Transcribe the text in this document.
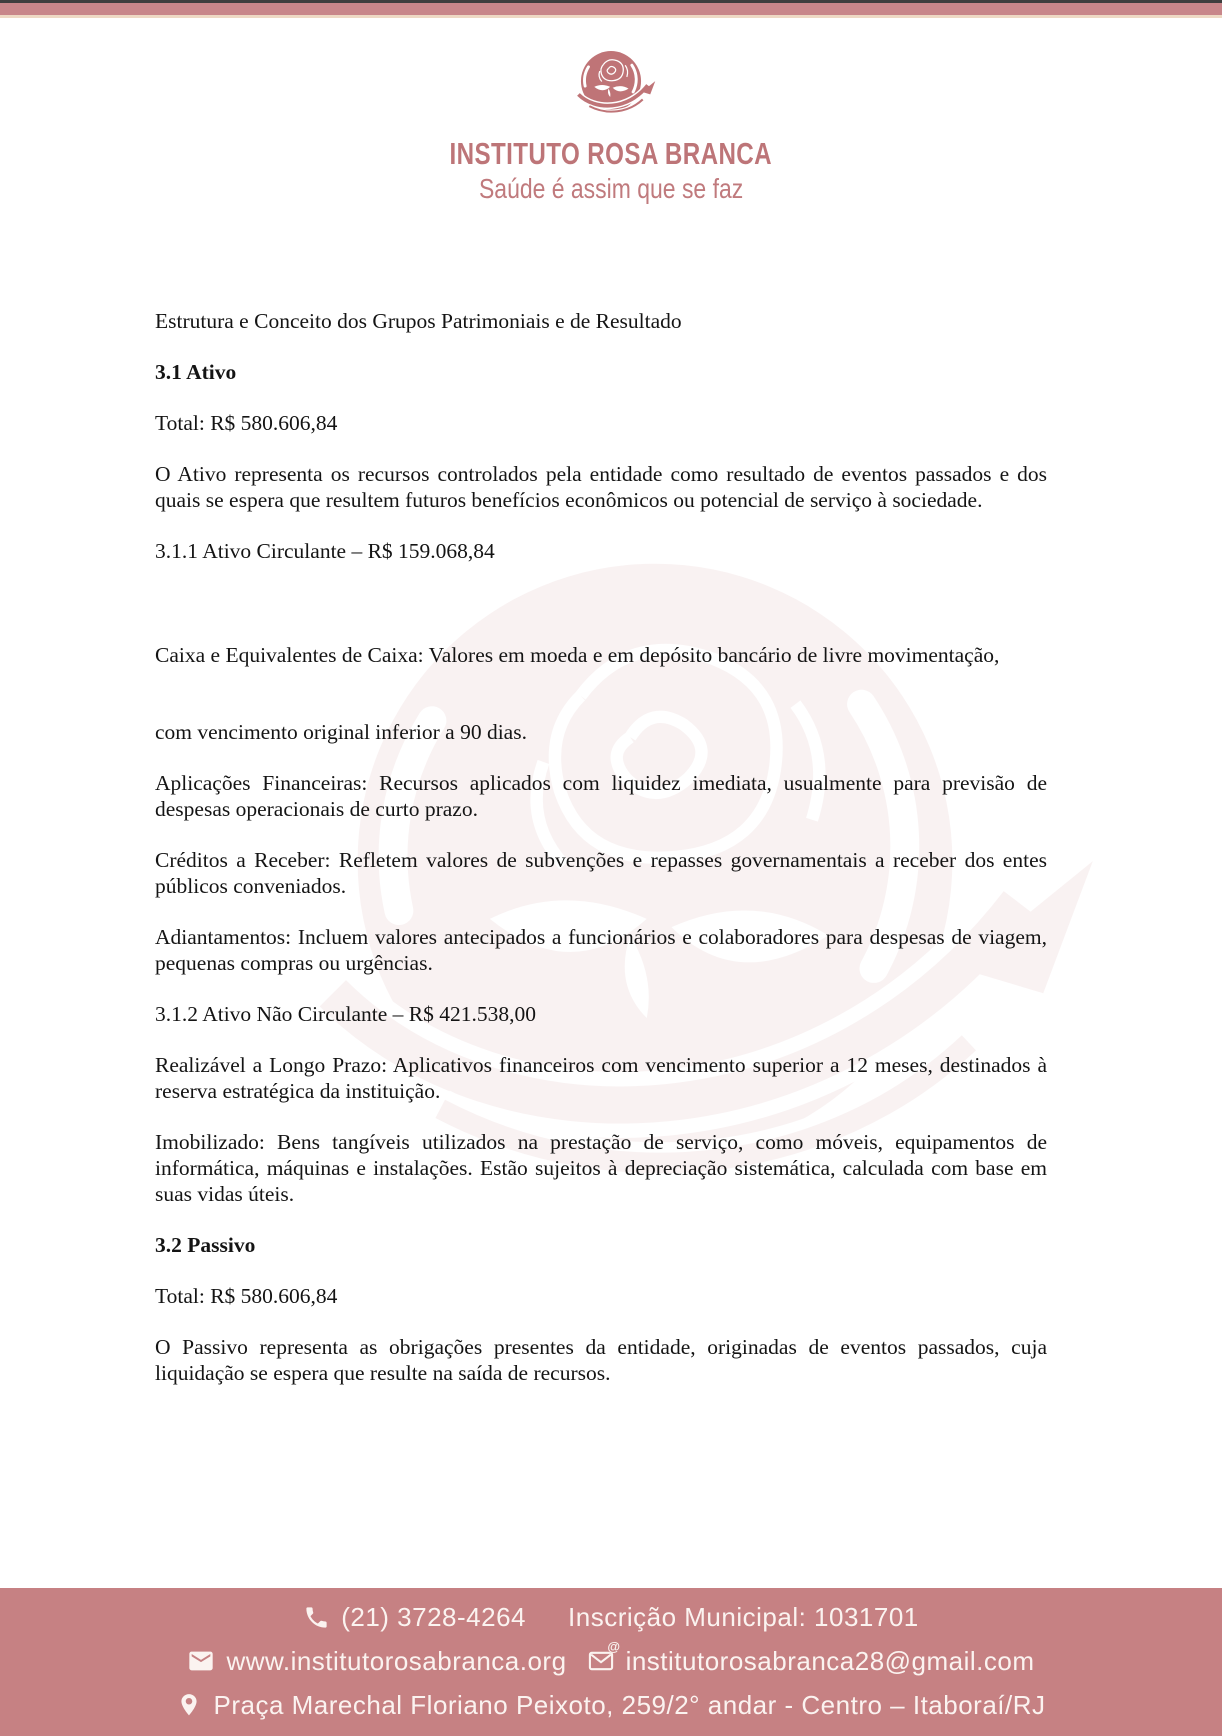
INSTITUTO ROSA BRANCA
Saúde é assim que se faz

Estrutura e Conceito dos Grupos Patrimoniais e de Resultado

3.1 Ativo

Total: R$ 580.606,84

O Ativo representa os recursos controlados pela entidade como resultado de eventos passados e dos quais se espera que resultem futuros benefícios econômicos ou potencial de serviço à sociedade.

3.1.1 Ativo Circulante – R$ 159.068,84

Caixa e Equivalentes de Caixa: Valores em moeda e em depósito bancário de livre movimentação,

com vencimento original inferior a 90 dias.

Aplicações Financeiras: Recursos aplicados com liquidez imediata, usualmente para previsão de despesas operacionais de curto prazo.

Créditos a Receber: Refletem valores de subvenções e repasses governamentais a receber dos entes públicos conveniados.

Adiantamentos: Incluem valores antecipados a funcionários e colaboradores para despesas de viagem, pequenas compras ou urgências.

3.1.2 Ativo Não Circulante – R$ 421.538,00

Realizável a Longo Prazo: Aplicativos financeiros com vencimento superior a 12 meses, destinados à reserva estratégica da instituição.

Imobilizado: Bens tangíveis utilizados na prestação de serviço, como móveis, equipamentos de informática, máquinas e instalações. Estão sujeitos à depreciação sistemática, calculada com base em suas vidas úteis.

3.2 Passivo

Total: R$ 580.606,84

O Passivo representa as obrigações presentes da entidade, originadas de eventos passados, cuja liquidação se espera que resulte na saída de recursos.

(21) 3728-4264 Inscrição Municipal: 1031701
www.institutorosabranca.org	@ institutorosabranca28@gmail.com
Praça Marechal Floriano Peixoto, 259/2° andar - Centro – Itaboraí/RJ
